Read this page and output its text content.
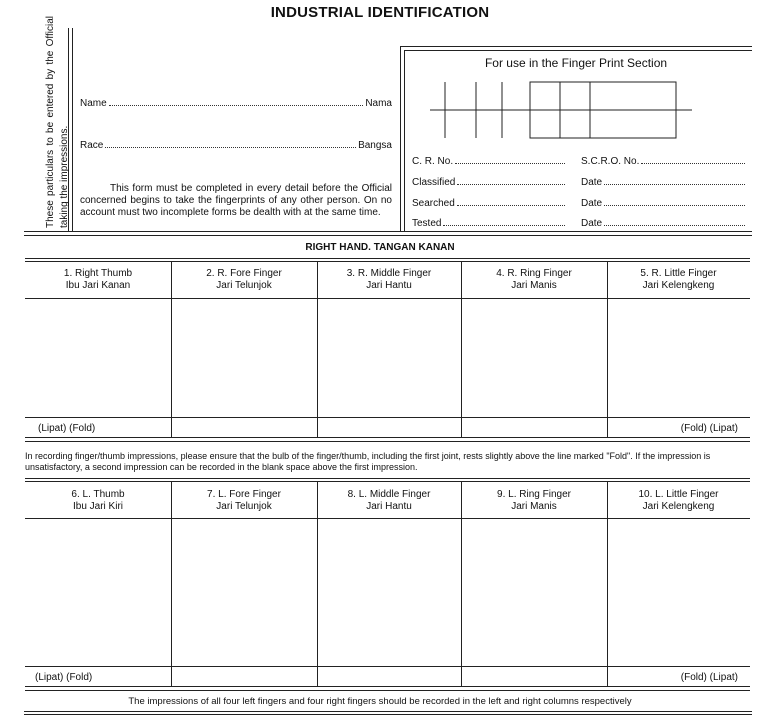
INDUSTRIAL IDENTIFICATION
These particulars to be entered by the Official taking the impressions.
Name	Nama
Race	Bangsa
This form must be completed in every detail before the Official concerned begins to take the fingerprints of any other person. On no account must two incomplete forms be dealth with at the same time.
For use in the Finger Print Section
C. R. No.	S.C.R.O. No.
Classified	Date
Searched	Date
Tested	Date
RIGHT HAND. TANGAN KANAN
1. Right Thumb
Ibu Jari Kanan
2. R. Fore Finger
Jari Telunjok
3. R. Middle Finger
Jari Hantu
4. R. Ring Finger
Jari Manis
5. R. Little Finger
Jari Kelengkeng
(Lipat) (Fold)	(Fold) (Lipat)
In recording finger/thumb impressions, please ensure that the bulb of the finger/thumb, including the first joint, rests slightly above the line marked "Fold". If the impression is unsatisfactory, a second impression can be recorded in the blank space above the first impression.
6. L. Thumb
Ibu Jari Kiri
7. L. Fore Finger
Jari Telunjok
8. L. Middle Finger
Jari Hantu
9. L. Ring Finger
Jari Manis
10. L. Little Finger
Jari Kelengkeng
(Lipat) (Fold)	(Fold) (Lipat)
The impressions of all four left fingers and four right fingers should be recorded in the left and right columns respectively
